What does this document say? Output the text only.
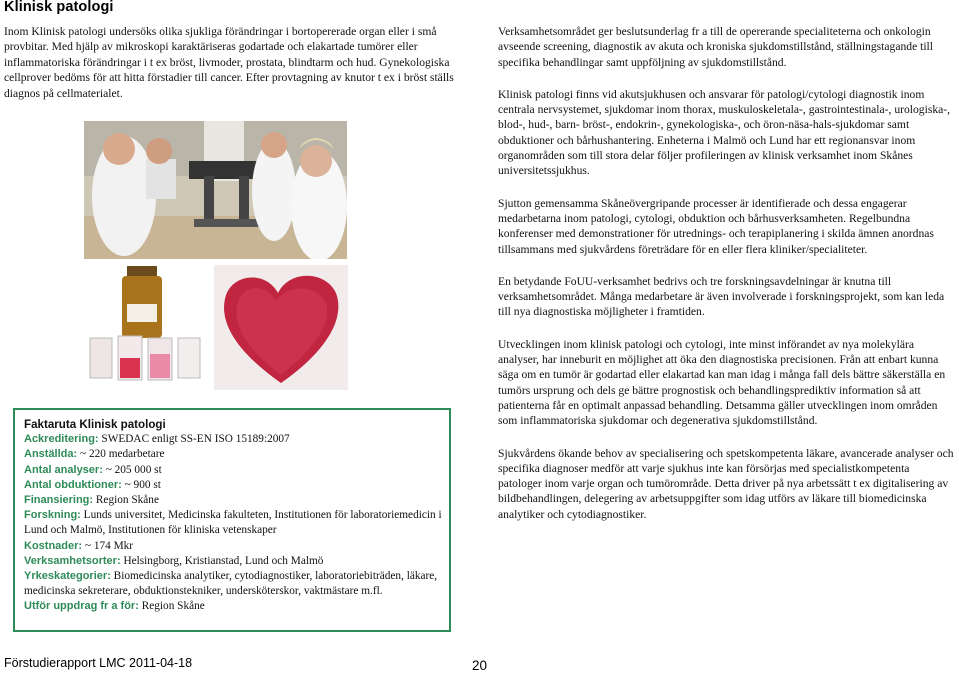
Klinisk patologi
Inom Klinisk patologi undersöks olika sjukliga förändringar i bortopererade organ eller i små provbitar. Med hjälp av mikroskopi karaktäriseras godartade och elakartade tumörer eller inflammatoriska förändringar i t ex bröst, livmoder, prostata, blindtarm och hud. Gynekologiska cellprover bedöms för att hitta förstadier till cancer. Efter provtagning av knutor t ex i bröst ställs diagnos på cellmaterialet.
Faktaruta Klinisk patologi
Ackreditering: SWEDAC enligt SS-EN ISO 15189:2007
Anställda: ~ 220 medarbetare
Antal analyser: ~ 205 000 st
Antal obduktioner: ~ 900 st
Finansiering: Region Skåne
Forskning: Lunds universitet, Medicinska fakulteten, Institutionen för laboratoriemedicin i Lund och Malmö, Institutionen för kliniska vetenskaper
Kostnader: ~ 174 Mkr
Verksamhetsorter: Helsingborg, Kristianstad, Lund och Malmö
Yrkeskategorier: Biomedicinska analytiker, cytodiagnostiker, laboratoriebiträden, läkare, medicinska sekreterare, obduktionstekniker, undersköterskor, vaktmästare m.fl.
Utför uppdrag fr a för: Region Skåne

Verksamhetsområdet ger beslutsunderlag fr a till de opererande specialiteterna och onkologin avseende screening, diagnostik av akuta och kroniska sjukdomstillstånd, ställningstagande till specifika behandlingar samt uppföljning av sjukdomstillstånd.

Klinisk patologi finns vid akutsjukhusen och ansvarar för patologi/cytologi diagnostik inom centrala nervsystemet, sjukdomar inom thorax, muskuloskeletala-, gastrointestinala-, urologiska-, blod-, hud-, barn- bröst-, endokrin-, gynekologiska-, och öron-näsa-hals-sjukdomar samt obduktioner och bårhushantering. Enheterna i Malmö och Lund har ett regionansvar inom organområden som till stora delar följer profileringen av klinisk verksamhet inom Skånes universitetssjukhus.

Sjutton gemensamma Skåneövergripande processer är identifierade och dessa engagerar medarbetarna inom patologi, cytologi, obduktion och bårhusverksamheten. Regelbundna konferenser med demonstrationer för utrednings- och terapiplanering i skilda ämnen anordnas tillsammans med sjukvårdens företrädare för en eller flera kliniker/specialiteter.

En betydande FoUU-verksamhet bedrivs och tre forskningsavdelningar är knutna till verksamhetsområdet. Många medarbetare är även involverade i forskningsprojekt, som kan leda till nya diagnostiska möjligheter i framtiden.

Utvecklingen inom klinisk patologi och cytologi, inte minst införandet av nya molekylära analyser, har inneburit en möjlighet att öka den diagnostiska precisionen. Från att enbart kunna säga om en tumör är godartad eller elakartad kan man idag i många fall dels bättre säkerställa en tumörs ursprung och dels ge bättre prognostisk och behandlingsprediktiv information så att patienterna får en optimalt anpassad behandling. Detsamma gäller utvecklingen inom områden som inflammatoriska sjukdomar och degenerativa sjukdomstillstånd.

Sjukvårdens ökande behov av specialisering och spetskompetenta läkare, avancerade analyser och specifika diagnoser medför att varje sjukhus inte kan försörjas med specialistkompetenta patologer inom varje organ och tumörområde. Detta driver på nya arbetssätt t ex digitalisering av bildbehandlingen, delegering av arbetsuppgifter som idag utförs av läkare till biomedicinska analytiker och cytodiagnostiker.

Förstudierapport LMC 2011-04-18	20
